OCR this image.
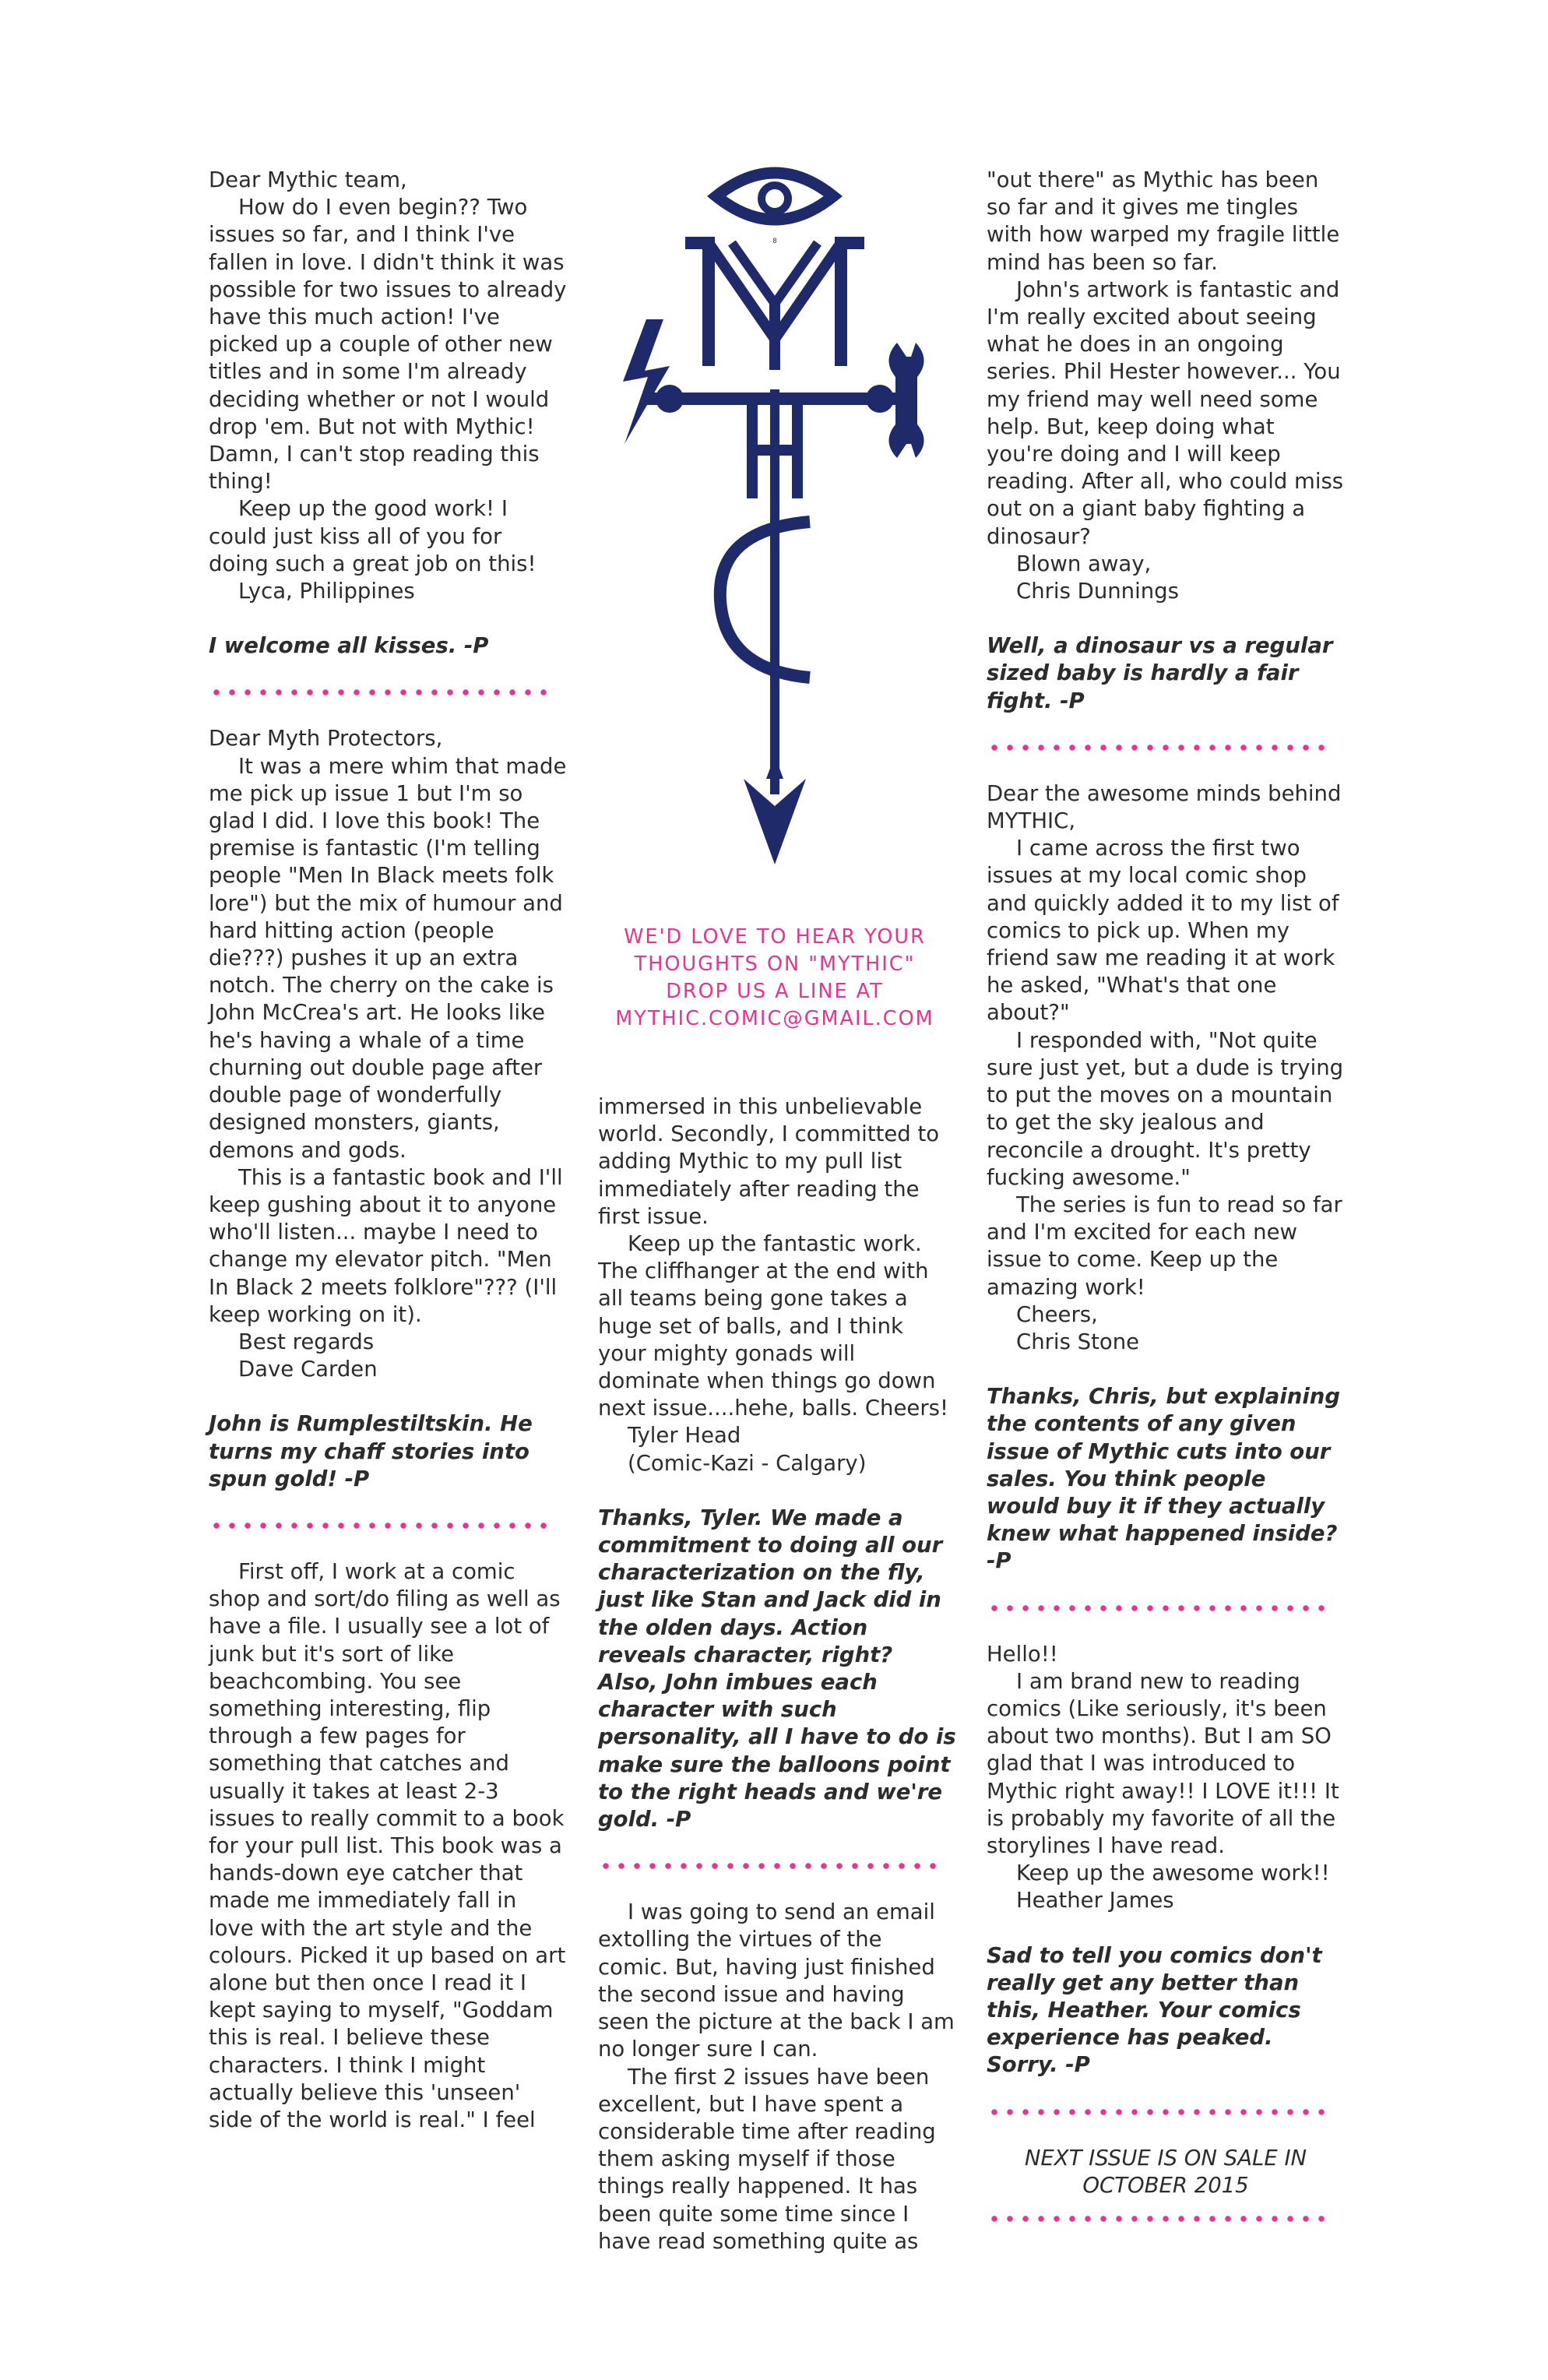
Dear Mythic team,

How do I even begin?? Two issues so far, and I think I've fallen in love. I didn't think it was possible for two issues to already have this much action! I've picked up a couple of other new titles and in some I'm already deciding whether or not I would drop 'em. But not with Mythic! Damn, I can't stop reading this thing!

Keep up the good work! I could just kiss all of you for doing such a great job on this!

Lyca, Philippines

I welcome all kisses. -P

Dear Myth Protectors,

It was a mere whim that made me pick up issue 1 but I'm so glad I did. I love this book! The premise is fantastic (I'm telling people "Men In Black meets folk lore") but the mix of humour and hard hitting action (people die???) pushes it up an extra notch. The cherry on the cake is John McCrea's art. He looks like he's having a whale of a time churning out double page after double page of wonderfully designed monsters, giants, demons and gods.

This is a fantastic book and I'll keep gushing about it to anyone who'll listen... maybe I need to change my elevator pitch. "Men In Black 2 meets folklore"??? (I'll keep working on it).

Best regards

Dave Carden

John is Rumplestiltskin. He turns my chaff stories into spun gold! -P

First off, I work at a comic shop and sort/do filing as well as have a file. I usually see a lot of junk but it's sort of like beachcombing. You see something interesting, flip through a few pages for something that catches and usually it takes at least 2-3 issues to really commit to a book for your pull list. This book was a hands-down eye catcher that made me immediately fall in love with the art style and the colours. Picked it up based on art alone but then once I read it I kept saying to myself, "Goddam this is real. I believe these characters. I think I might actually believe this 'unseen' side of the world is real." I feel

8
WE'D LOVE TO HEAR YOUR
THOUGHTS ON "MYTHIC"
DROP US A LINE AT
MYTHIC.COMIC@GMAIL.COM

immersed in this unbelievable world. Secondly, I committed to adding Mythic to my pull list immediately after reading the first issue.

Keep up the fantastic work. The cliffhanger at the end with all teams being gone takes a huge set of balls, and I think your mighty gonads will dominate when things go down next issue....hehe, balls. Cheers!

Tyler Head

(Comic-Kazi - Calgary)

Thanks, Tyler. We made a commitment to doing all our characterization on the fly, just like Stan and Jack did in the olden days. Action reveals character, right? Also, John imbues each character with such personality, all I have to do is make sure the balloons point to the right heads and we're gold. -P

I was going to send an email extolling the virtues of the comic. But, having just finished the second issue and having seen the picture at the back I am no longer sure I can.

The first 2 issues have been excellent, but I have spent a considerable time after reading them asking myself if those things really happened. It has been quite some time since I have read something quite as

"out there" as Mythic has been so far and it gives me tingles with how warped my fragile little mind has been so far.

John's artwork is fantastic and I'm really excited about seeing what he does in an ongoing series. Phil Hester however... You my friend may well need some help. But, keep doing what you're doing and I will keep reading. After all, who could miss out on a giant baby fighting a dinosaur?

Blown away,

Chris Dunnings

Well, a dinosaur vs a regular sized baby is hardly a fair fight. -P

Dear the awesome minds behind MYTHIC,

I came across the first two issues at my local comic shop and quickly added it to my list of comics to pick up. When my friend saw me reading it at work he asked, "What's that one about?"

I responded with, "Not quite sure just yet, but a dude is trying to put the moves on a mountain to get the sky jealous and reconcile a drought. It's pretty fucking awesome."

The series is fun to read so far and I'm excited for each new issue to come. Keep up the amazing work!

Cheers,

Chris Stone

Thanks, Chris, but explaining the contents of any given issue of Mythic cuts into our sales. You think people would buy it if they actually knew what happened inside? -P

Hello!!

I am brand new to reading comics (Like seriously, it's been about two months). But I am SO glad that I was introduced to Mythic right away!! I LOVE it!!! It is probably my favorite of all the storylines I have read.

Keep up the awesome work!!

Heather James

Sad to tell you comics don't really get any better than this, Heather. Your comics experience has peaked. Sorry. -P

NEXT ISSUE IS ON SALE IN OCTOBER 2015
